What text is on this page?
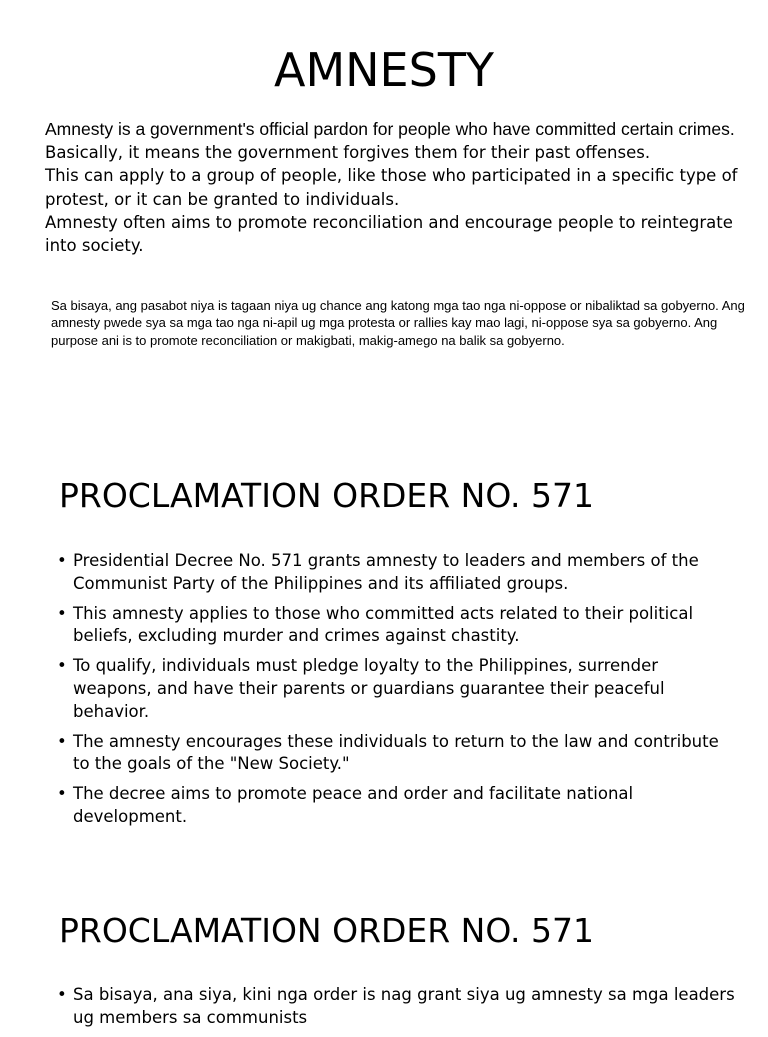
AMNESTY
Amnesty is a government's official pardon for people who have committed certain crimes.
Basically, it means the government forgives them for their past offenses.
This can apply to a group of people, like those who participated in a specific type of protest, or it can be granted to individuals.
Amnesty often aims to promote reconciliation and encourage people to reintegrate into society.
Sa bisaya, ang pasabot niya is tagaan niya ug chance ang katong mga tao nga ni-oppose or nibaliktad sa gobyerno. Ang amnesty pwede sya sa mga tao nga ni-apil ug mga protesta or rallies kay mao lagi, ni-oppose sya sa gobyerno. Ang purpose ani is to promote reconciliation or makigbati, makig-amego na balik sa gobyerno.
PROCLAMATION ORDER NO. 571
• Presidential Decree No. 571 grants amnesty to leaders and members of the Communist Party of the Philippines and its affiliated groups.
• This amnesty applies to those who committed acts related to their political beliefs, excluding murder and crimes against chastity.
• To qualify, individuals must pledge loyalty to the Philippines, surrender weapons, and have their parents or guardians guarantee their peaceful behavior.
• The amnesty encourages these individuals to return to the law and contribute to the goals of the "New Society."
• The decree aims to promote peace and order and facilitate national development.
PROCLAMATION ORDER NO. 571
• Sa bisaya, ana siya, kini nga order is nag grant siya ug amnesty sa mga leaders ug members sa communists
